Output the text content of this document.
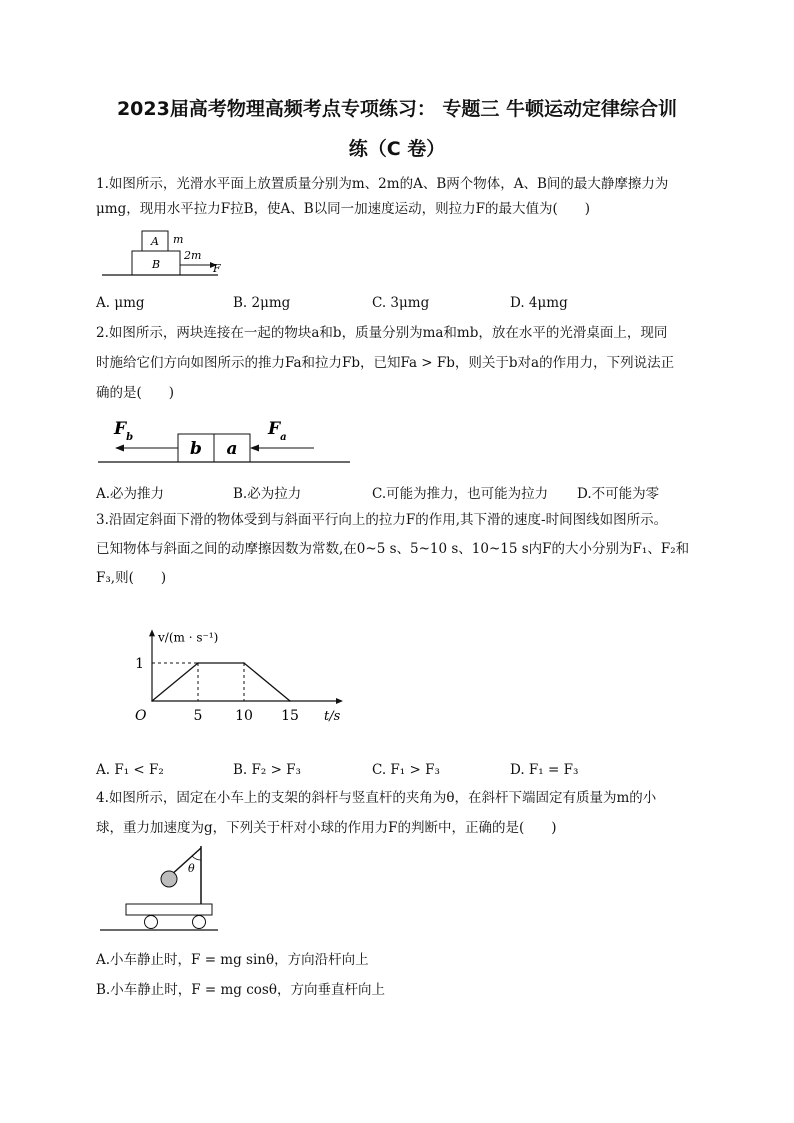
2023届高考物理高频考点专项练习： 专题三 牛顿运动定律综合训
练（C 卷）
1.如图所示，光滑水平面上放置质量分别为m、2m的A、B两个物体，A、B间的最大静摩擦力为
μmg，现用水平拉力F拉B，使A、B以同一加速度运动，则拉力F的最大值为(　　)
A m
B
2m
F
A. μmg	B. 2μmg	C. 3μmg	D. 4μmg
2.如图所示，两块连接在一起的物块a和b，质量分别为ma和mb，放在水平的光滑桌面上，现同
时施给它们方向如图所示的推力Fa和拉力Fb，已知Fa > Fb，则关于b对a的作用力，下列说法正
确的是(　　)
b a
$F_b$	$F_a$
A.必为推力	B.必为拉力	C.可能为推力，也可能为拉力 D.不可能为零
3.沿固定斜面下滑的物体受到与斜面平行向上的拉力F的作用,其下滑的速度-时间图线如图所示。
已知物体与斜面之间的动摩擦因数为常数,在0~5 s、5~10 s、10~15 s内F的大小分别为F₁、F₂和
F₃,则(　　)
5 10 15
1
O	t/s
v/(m · s⁻¹)
A. F₁ < F₂	B. F₂ > F₃	C. F₁ > F₃	D. F₁ = F₃
4.如图所示，固定在小车上的支架的斜杆与竖直杆的夹角为θ，在斜杆下端固定有质量为m的小
球，重力加速度为g，下列关于杆对小球的作用力F的判断中，正确的是(　　)
θ
A.小车静止时，F = mg sinθ，方向沿杆向上
B.小车静止时，F = mg cosθ，方向垂直杆向上
